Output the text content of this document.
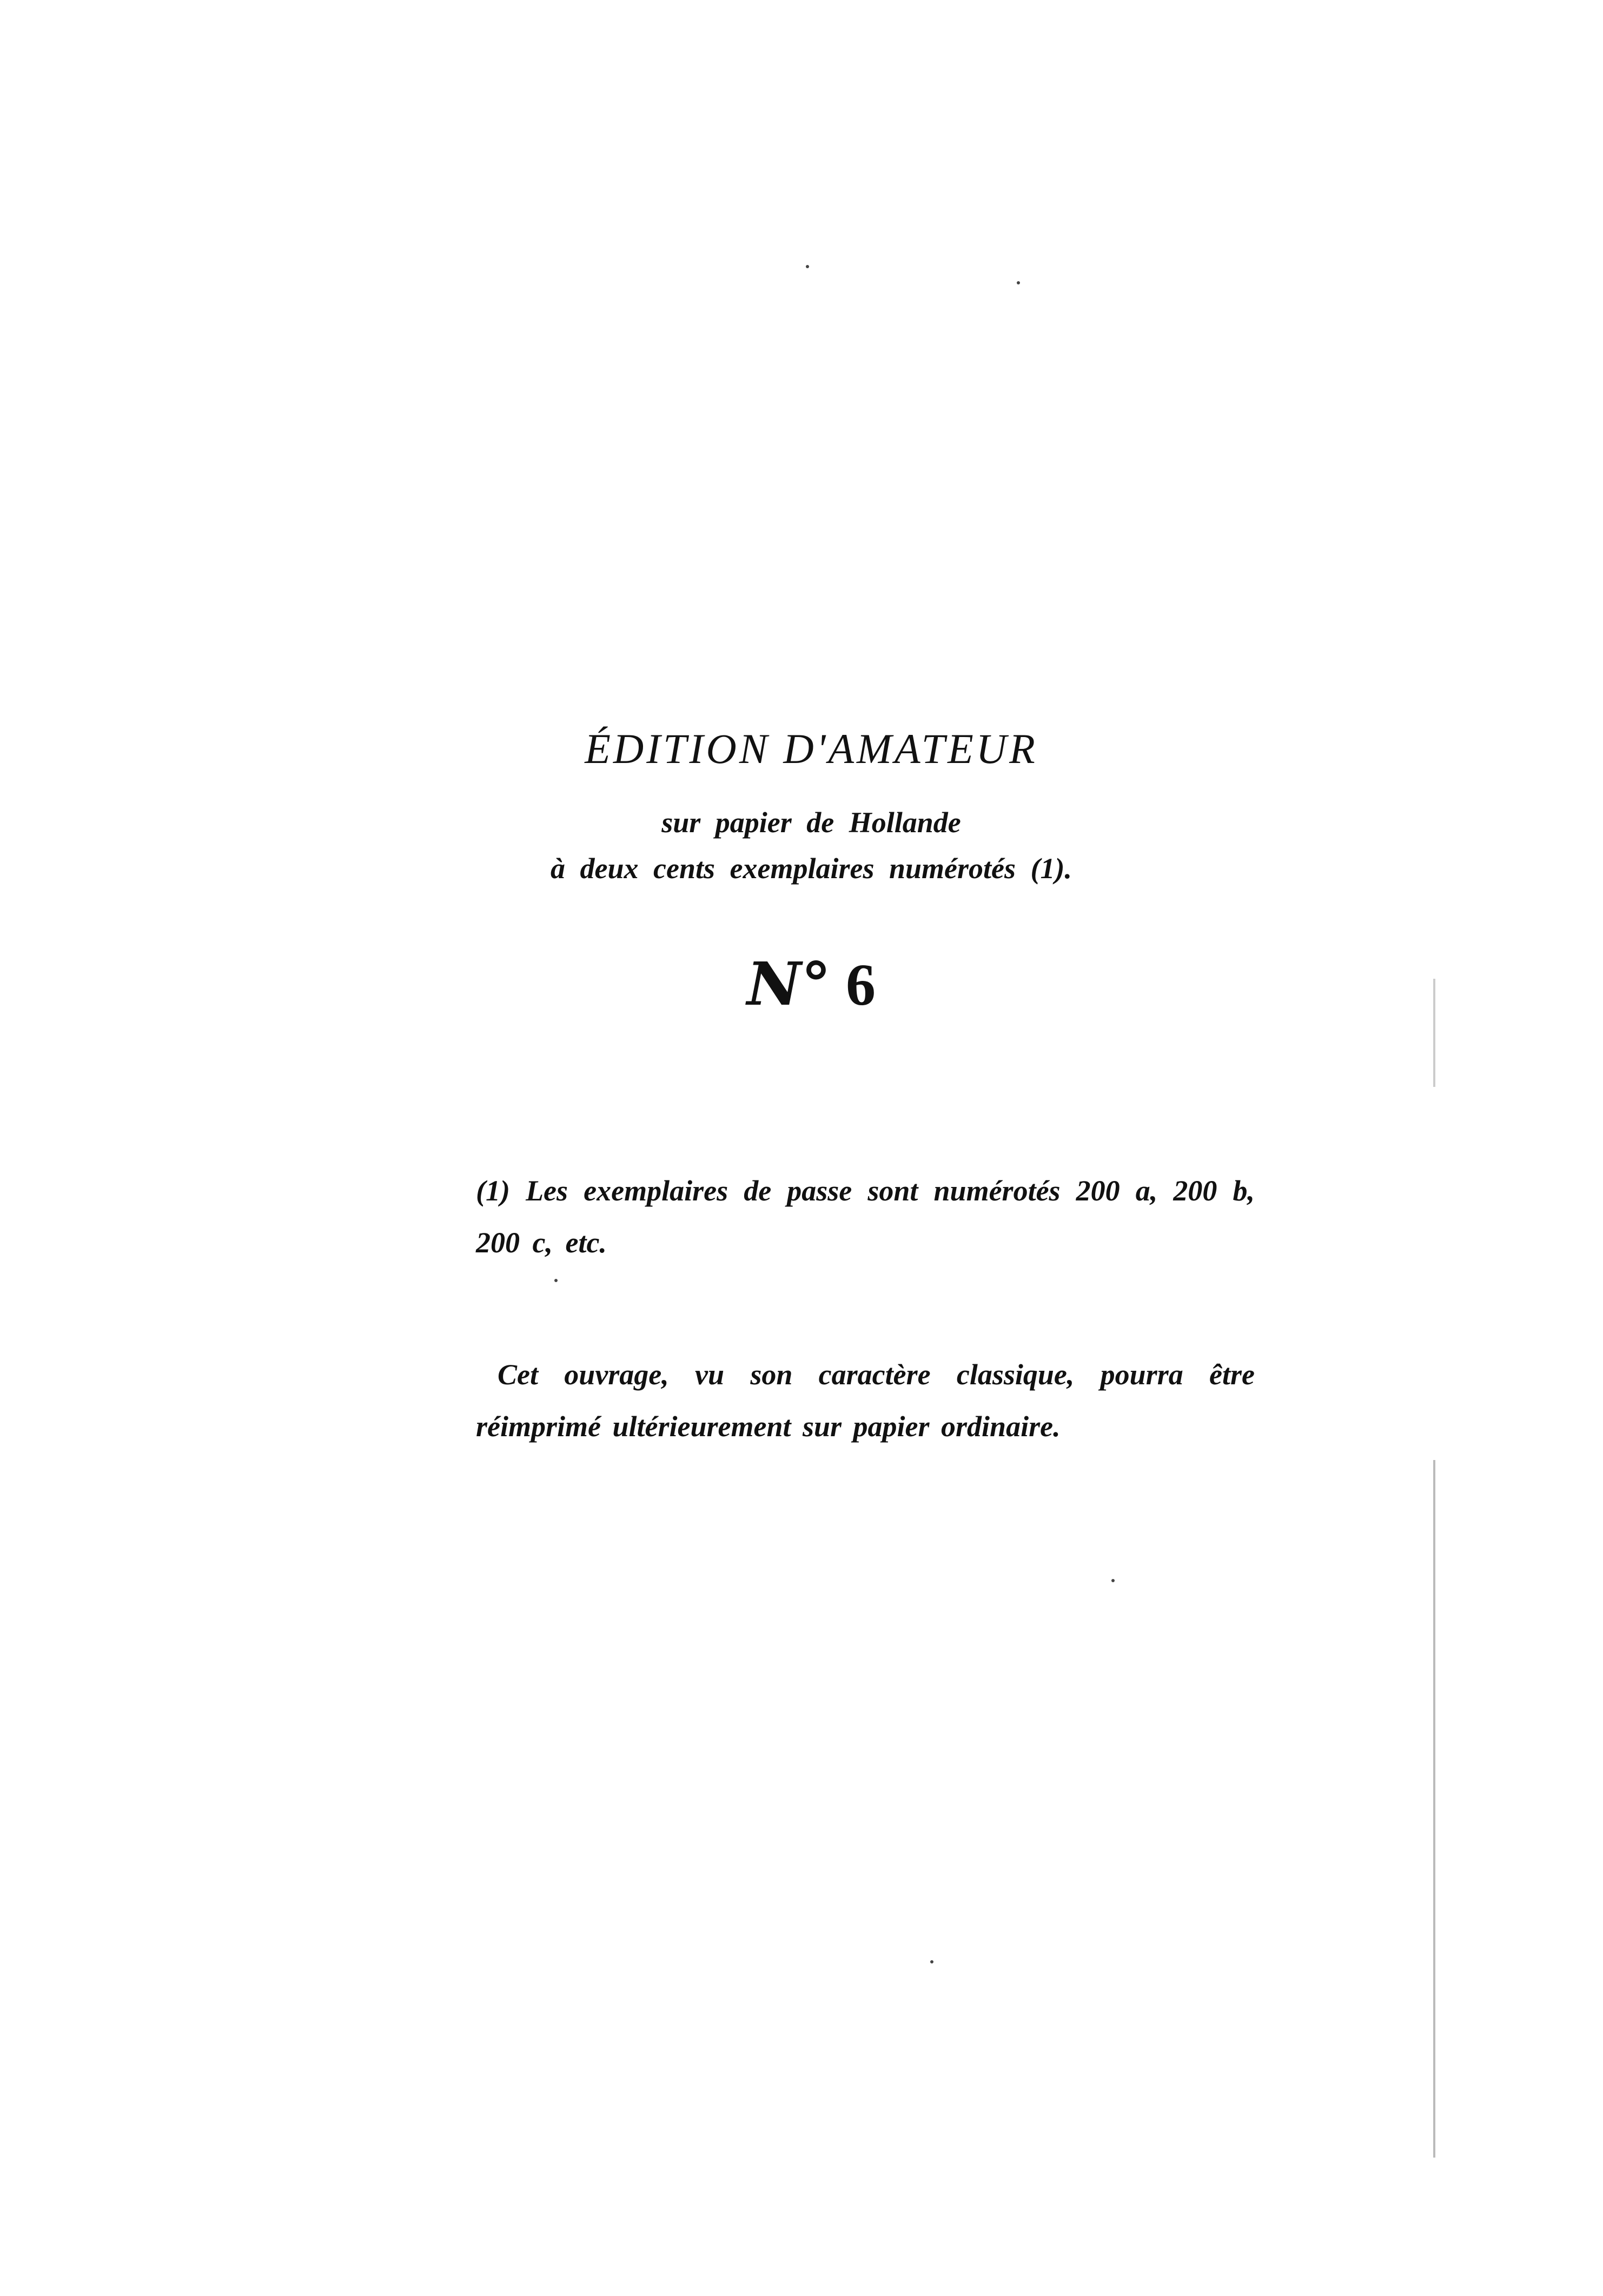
ÉDITION D'AMATEUR
sur papier de Hollande
à deux cents exemplaires numérotés (1).
N° 6

(1) Les exemplaires de passe sont numérotés 200 a, 200 b, 200 c, etc.

Cet ouvrage, vu son caractère classique, pourra être réimprimé ultérieurement sur papier ordinaire.
